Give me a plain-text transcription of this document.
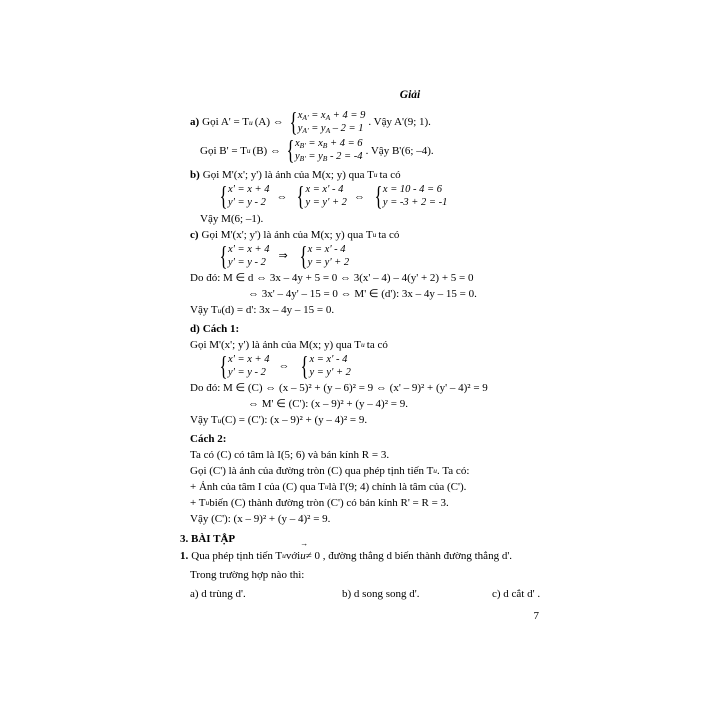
Giải
a) Gọi A' = T u (A) ⇔ { $x_{A'} = x_A + 4 = 9$
$y_{A'} = y_A - 2 = 1$ . Vậy A'(9; 1).
Gọi B' = T u (B) ⇔ { $x_{B'} = x_B + 4 = 6$
$y_{B'} = y_B - 2 = -4$ . Vậy B'(6; –4).
b) Gọi M'(x'; y') là ảnh của M(x; y) qua T u ta có
{ x' = x + 4
y' = y - 2 ⇔ { x = x' - 4
y = y' + 2 ⇔ { x = 10 - 4 = 6
y = -3 + 2 = -1
Vậy M(6; –1).
c) Gọi M'(x'; y') là ảnh của M(x; y) qua T u ta có
{ x' = x + 4
y' = y - 2	⇒ { x = x' - 4
y = y' + 2
Do đó: M ∈ d ⇔ 3x – 4y + 5 = 0 ⇔ 3(x' – 4) – 4(y' + 2) + 5 = 0
⇔ 3x' – 4y' – 15 = 0 ⇔ M' ∈ (d'): 3x – 4y – 15 = 0.
Vậy T u (d) = d': 3x – 4y – 15 = 0.
d) Cách 1:
Gọi M'(x'; y') là ảnh của M(x; y) qua T u ta có
{ x' = x + 4
y' = y - 2	⇔ { x = x' - 4
y = y' + 2
Do đó: M ∈ (C) ⇔ (x – 5)² + (y – 6)² = 9 ⇔ (x' – 9)² + (y' – 4)² = 9
⇔ M' ∈ (C'): (x – 9)² + (y – 4)² = 9.
Vậy T u (C) = (C'): (x – 9)² + (y – 4)² = 9.
Cách 2:
Ta có (C) có tâm là I(5; 6) và bán kính R = 3.
Gọi (C') là ảnh của đường tròn (C) qua phép tịnh tiến T u . Ta có:
+ Ảnh của tâm I của (C) qua T u là I'(9; 4) chính là tâm của (C').
+ T u biến (C) thành đường tròn (C') có bán kính R' = R = 3.
Vậy (C'): (x – 9)² + (y – 4)² = 9.
3. BÀI TẬP
1. Qua phép tịnh tiến T u với u → ≠ 0 , đường thẳng d biến thành đường thẳng d'.
Trong trường hợp nào thì:
a) d trùng d'.	b) d song song d'.	c) d cắt d' .
7
